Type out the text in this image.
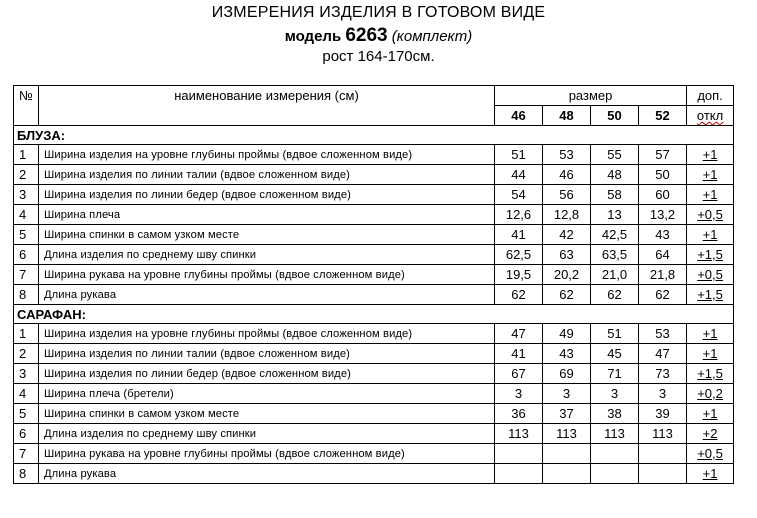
ИЗМЕРЕНИЯ ИЗДЕЛИЯ В ГОТОВОМ ВИДЕ
модель 6263 (комплект)
рост 164-170см.
№	наименование измерения (см)	размер				доп.
		46	48	50	52	откл
БЛУЗА:						
1	Ширина изделия на уровне глубины проймы (вдвое сложенном виде)	51	53	55	57	+1
2	Ширина изделия по линии талии (вдвое сложенном виде)	44	46	48	50	+1
3	Ширина изделия по линии бедер (вдвое сложенном виде)	54	56	58	60	+1
4	Ширина плеча	12,6	12,8	13	13,2	+0,5
5	Ширина спинки в самом узком месте	41	42	42,5	43	+1
6	Длина изделия по среднему шву спинки	62,5	63	63,5	64	+1,5
7	Ширина рукава на уровне глубины проймы (вдвое сложенном виде)	19,5	20,2	21,0	21,8	+0,5
8	Длина рукава	62	62	62	62	+1,5
САРАФАН:						
1	Ширина изделия на уровне глубины проймы (вдвое сложенном виде)	47	49	51	53	+1
2	Ширина изделия по линии талии (вдвое сложенном виде)	41	43	45	47	+1
3	Ширина изделия по линии бедер (вдвое сложенном виде)	67	69	71	73	+1,5
4	Ширина плеча (бретели)	3	3	3	3	+0,2
5	Ширина спинки в самом узком месте	36	37	38	39	+1
6	Длина изделия по среднему шву спинки	113	113	113	113	+2
7	Ширина рукава на уровне глубины проймы (вдвое сложенном виде)					+0,5
8	Длина рукава					+1
